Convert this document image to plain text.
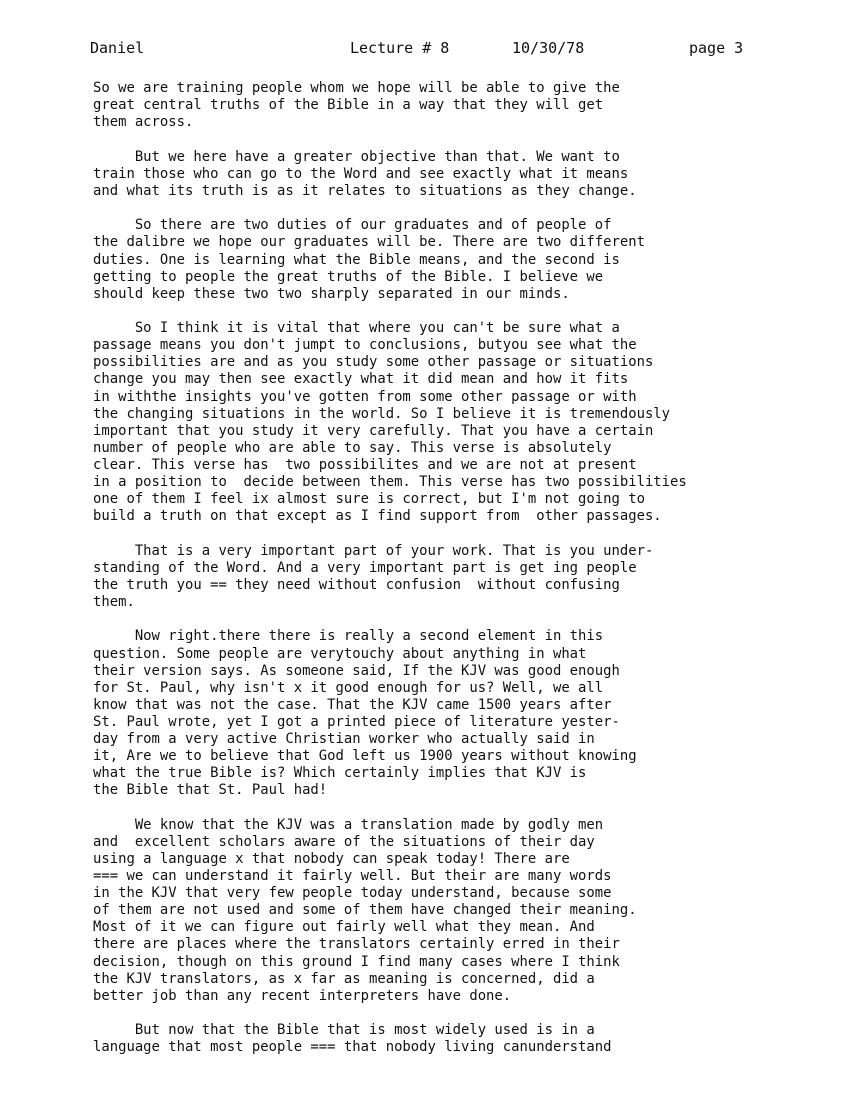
Daniel	Lecture # 8	10/30/78	page 3
So we are training people whom we hope will be able to give the
great central truths of the Bible in a way that they will get
them across.
But we here have a greater objective than that. We want to
train those who can go to the Word and see exactly what it means
and what its truth is as it relates to situations as they change.
So there are two duties of our graduates and of people of
the dalibre we hope our graduates will be. There are two different
duties. One is learning what the Bible means, and the second is
getting to people the great truths of the Bible. I believe we
should keep these two two sharply separated in our minds.
So I think it is vital that where you can't be sure what a
passage means you don't jumpt to conclusions, butyou see what the
possibilities are and as you study some other passage or situations
change you may then see exactly what it did mean and how it fits
in withthe insights you've gotten from some other passage or with
the changing situations in the world. So I believe it is tremendously
important that you study it very carefully. That you have a certain
number of people who are able to say. This verse is absolutely
clear. This verse has  two possibilites and we are not at present
in a position to  decide between them. This verse has two possibilities
one of them I feel ix almost sure is correct, but I'm not going to
build a truth on that except as I find support from  other passages.
That is a very important part of your work. That is you under-
standing of the Word. And a very important part is get ing people
the truth you == they need without confusion  without confusing
them.
Now right.there there is really a second element in this
question. Some people are verytouchy about anything in what
their version says. As someone said, If the KJV was good enough
for St. Paul, why isn't x it good enough for us? Well, we all
know that was not the case. That the KJV came 1500 years after
St. Paul wrote, yet I got a printed piece of literature yester-
day from a very active Christian worker who actually said in
it, Are we to believe that God left us 1900 years without knowing
what the true Bible is? Which certainly implies that KJV is
the Bible that St. Paul had!
We know that the KJV was a translation made by godly men
and  excellent scholars aware of the situations of their day
using a language x that nobody can speak today! There are
=== we can understand it fairly well. But their are many words
in the KJV that very few people today understand, because some
of them are not used and some of them have changed their meaning.
Most of it we can figure out fairly well what they mean. And
there are places where the translators certainly erred in their
decision, though on this ground I find many cases where I think
the KJV translators, as x far as meaning is concerned, did a
better job than any recent interpreters have done.
But now that the Bible that is most widely used is in a
language that most people === that nobody living canunderstand
